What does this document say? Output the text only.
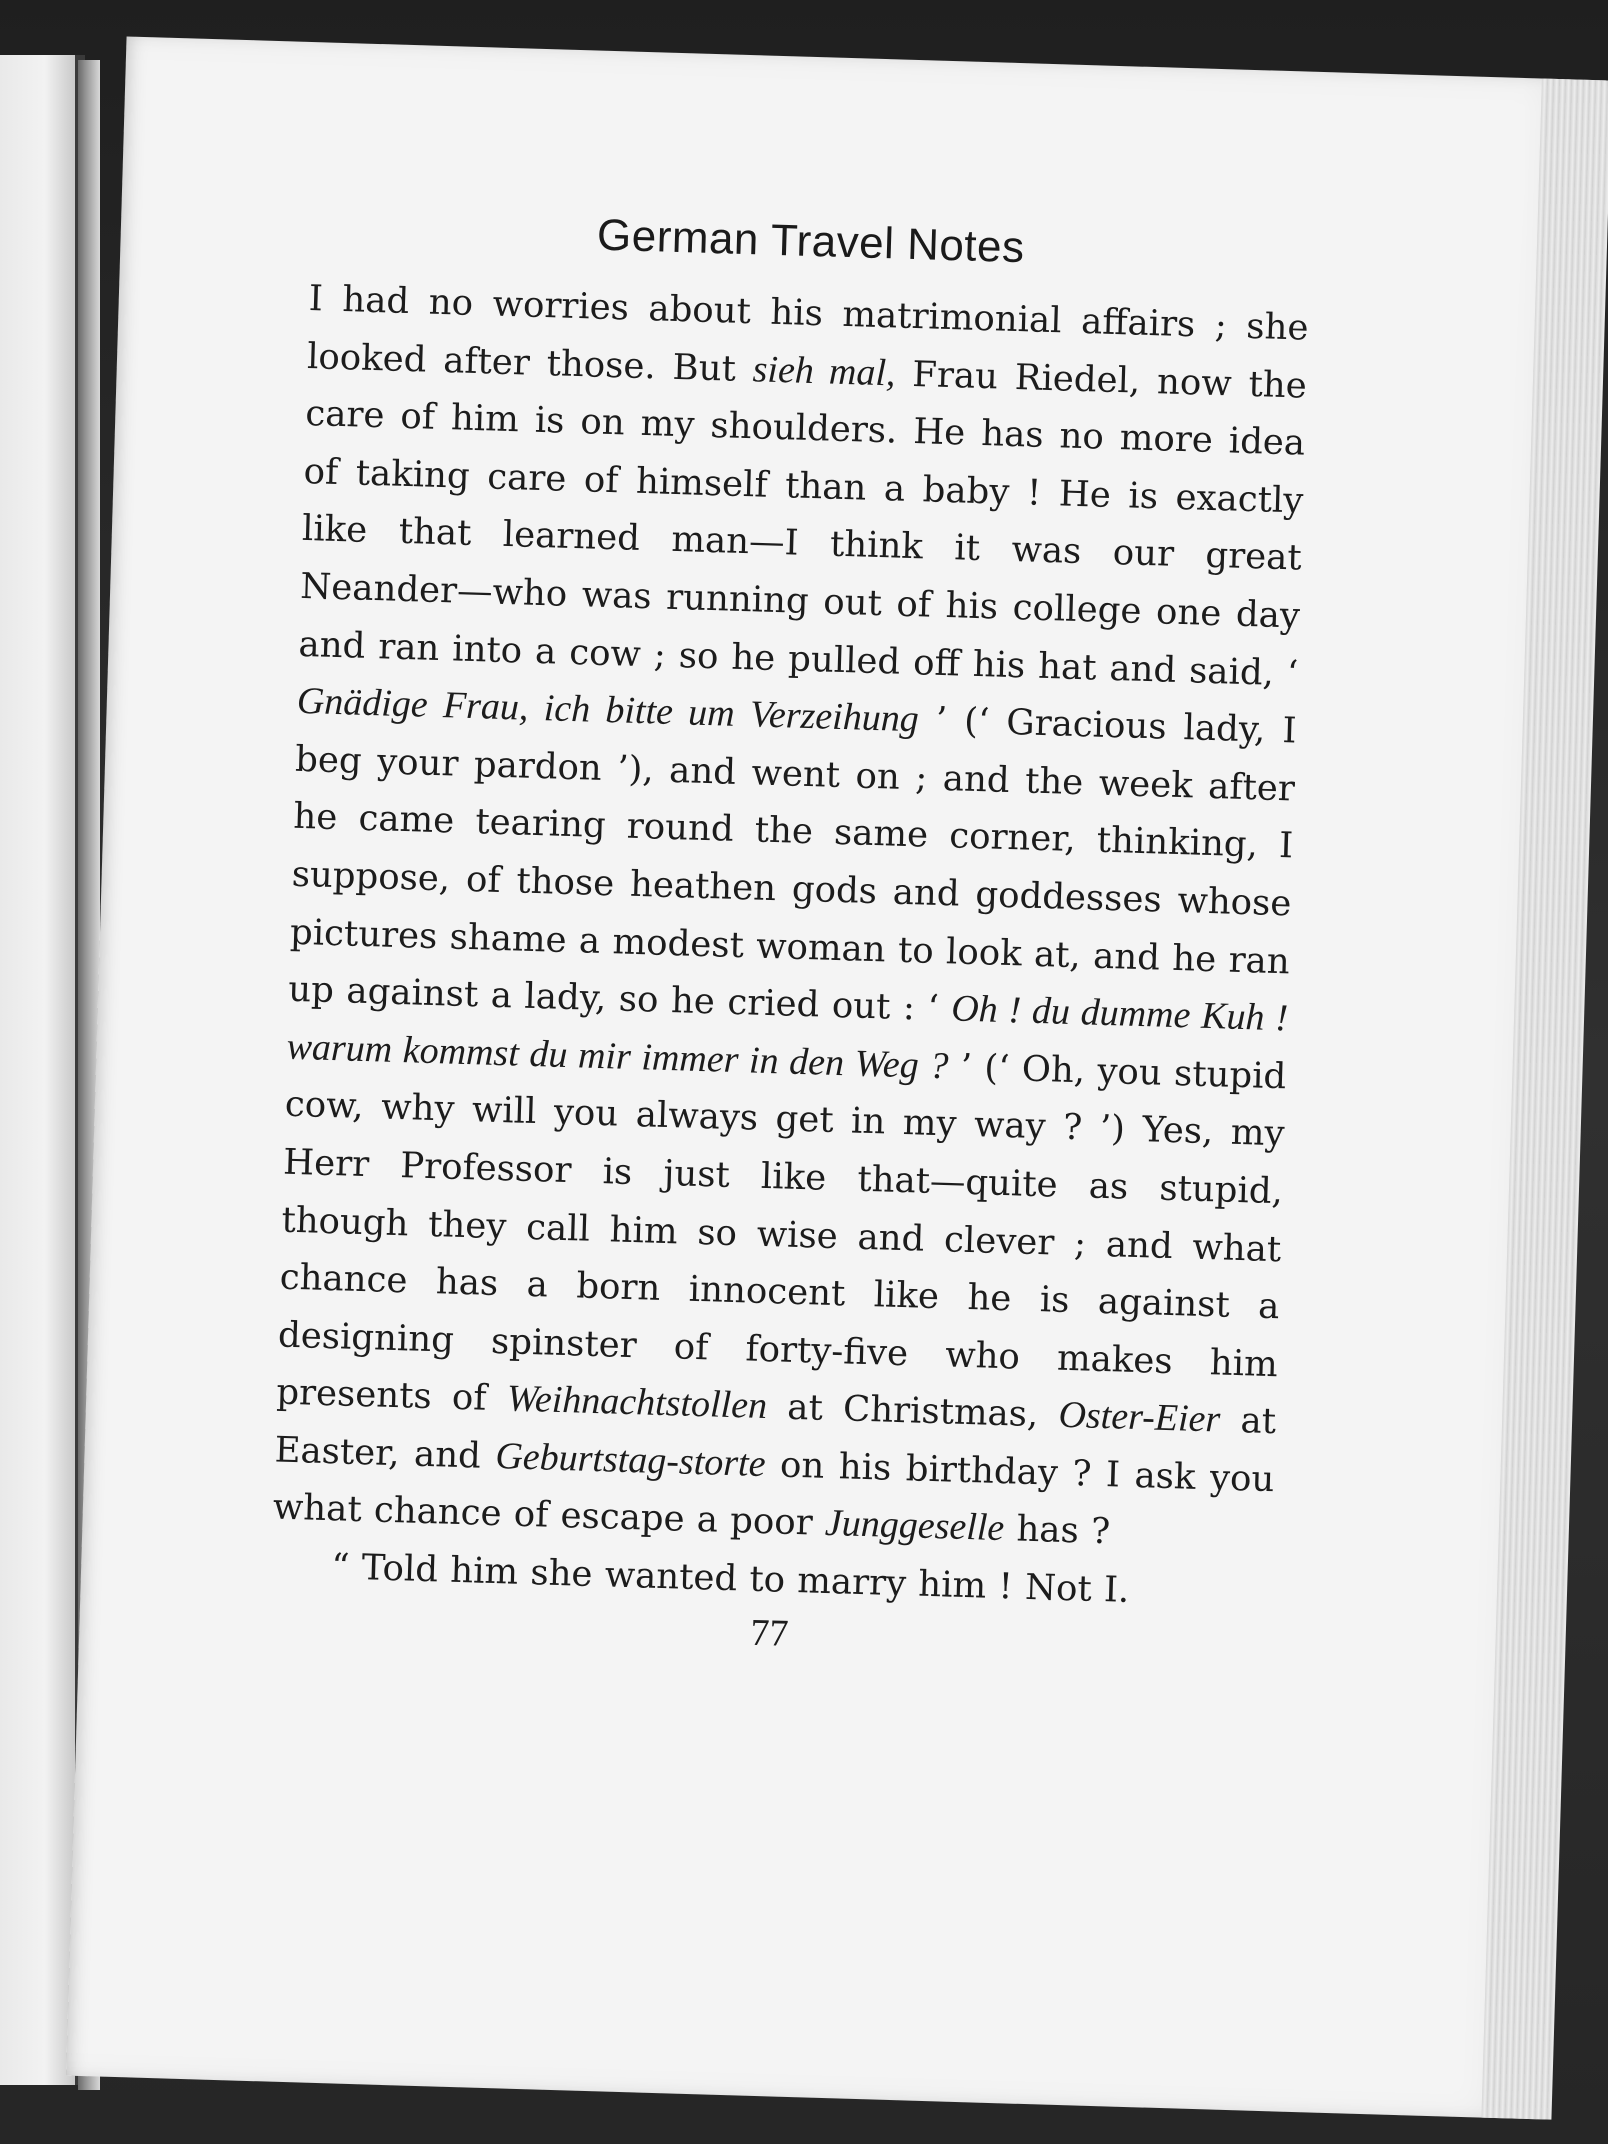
German Travel Notes

I had no worries about his matrimonial affairs ; she looked after those. But sieh mal, Frau Riedel, now the care of him is on my shoulders. He has no more idea of taking care of himself than a baby ! He is exactly like that learned man—I think it was our great Neander—who was running out of his college one day and ran into a cow ; so he pulled off his hat and said, ‘ Gnädige Frau, ich bitte um Verzeihung ’ (‘ Gracious lady, I beg your pardon ’), and went on ; and the week after he came tearing round the same corner, thinking, I suppose, of those heathen gods and goddesses whose pictures shame a modest woman to look at, and he ran up against a lady, so he cried out : ‘ Oh ! du dumme Kuh ! warum kommst du mir immer in den Weg ? ’ (‘ Oh, you stupid cow, why will you always get in my way ? ’) Yes, my Herr Professor is just like that—quite as stupid, though they call him so wise and clever ; and what chance has a born innocent like he is against a designing spinster of forty-five who makes him presents of Weihnachtstollen at Christmas, Oster-Eier at Easter, and Geburtstag-storte on his birthday ? I ask you what chance of escape a poor Junggeselle has ?

“ Told him she wanted to marry him ! Not I.

77
